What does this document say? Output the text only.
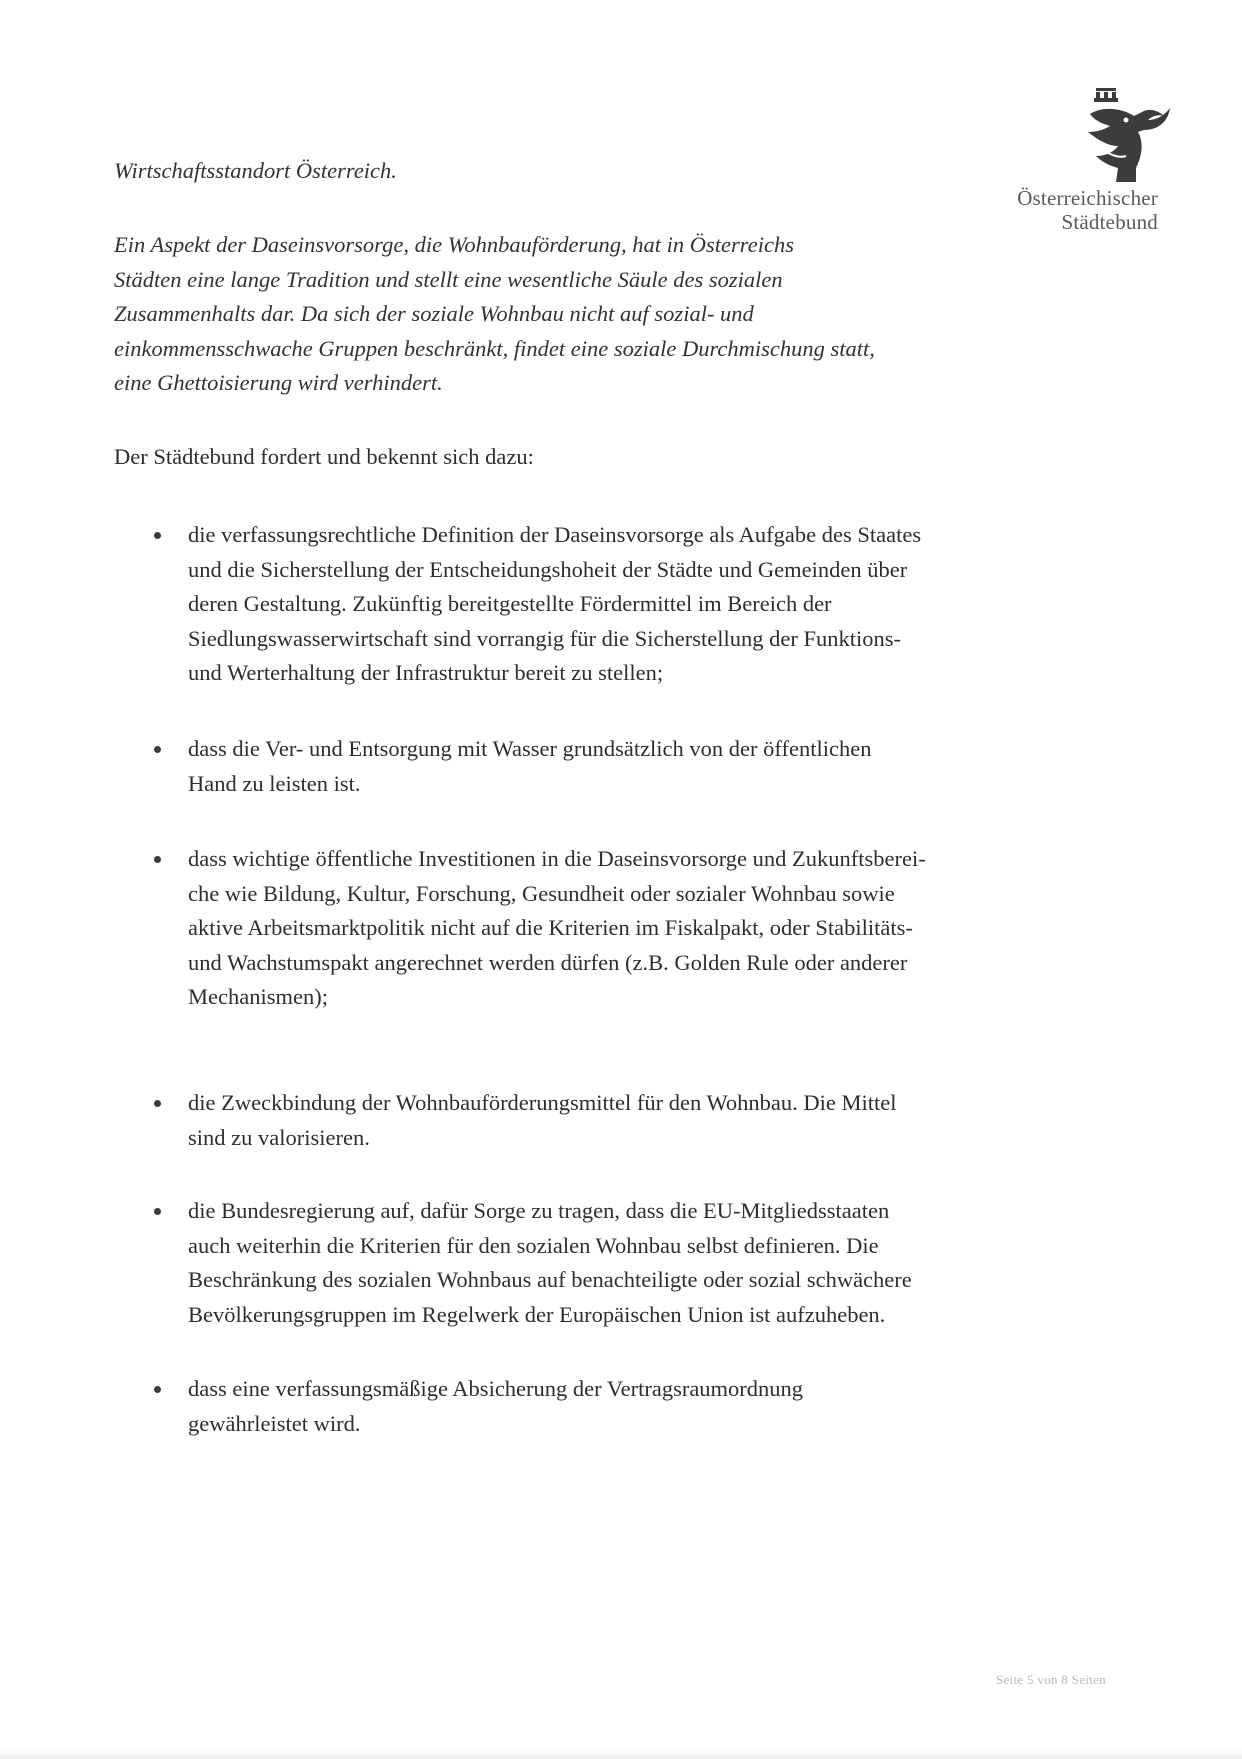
Österreichischer
Städtebund

Wirtschaftsstandort Österreich.

Ein Aspekt der Daseinsvorsorge, die Wohnbauförderung, hat in Österreichs
Städten eine lange Tradition und stellt eine wesentliche Säule des sozialen
Zusammenhalts dar. Da sich der soziale Wohnbau nicht auf sozial- und
einkommensschwache Gruppen beschränkt, findet eine soziale Durchmischung statt,
eine Ghettoisierung wird verhindert.

Der Städtebund fordert und bekennt sich dazu:

die verfassungsrechtliche Definition der Daseinsvorsorge als Aufgabe des Staates
und die Sicherstellung der Entscheidungshoheit der Städte und Gemeinden über
deren Gestaltung. Zukünftig bereitgestellte Fördermittel im Bereich der
Siedlungswasserwirtschaft sind vorrangig für die Sicherstellung der Funktions-
und Werterhaltung der Infrastruktur bereit zu stellen;
dass die Ver- und Entsorgung mit Wasser grundsätzlich von der öffentlichen
Hand zu leisten ist.
dass wichtige öffentliche Investitionen in die Daseinsvorsorge und Zukunftsberei-
che wie Bildung, Kultur, Forschung, Gesundheit oder sozialer Wohnbau sowie
aktive Arbeitsmarktpolitik nicht auf die Kriterien im Fiskalpakt, oder Stabilitäts-
und Wachstumspakt angerechnet werden dürfen (z.B. Golden Rule oder anderer
Mechanismen);
die Zweckbindung der Wohnbauförderungsmittel für den Wohnbau. Die Mittel
sind zu valorisieren.
die Bundesregierung auf, dafür Sorge zu tragen, dass die EU-Mitgliedsstaaten
auch weiterhin die Kriterien für den sozialen Wohnbau selbst definieren. Die
Beschränkung des sozialen Wohnbaus auf benachteiligte oder sozial schwächere
Bevölkerungsgruppen im Regelwerk der Europäischen Union ist aufzuheben.
dass eine verfassungsmäßige Absicherung der Vertragsraumordnung
gewährleistet wird.
Seite 5 von 8 Seiten
